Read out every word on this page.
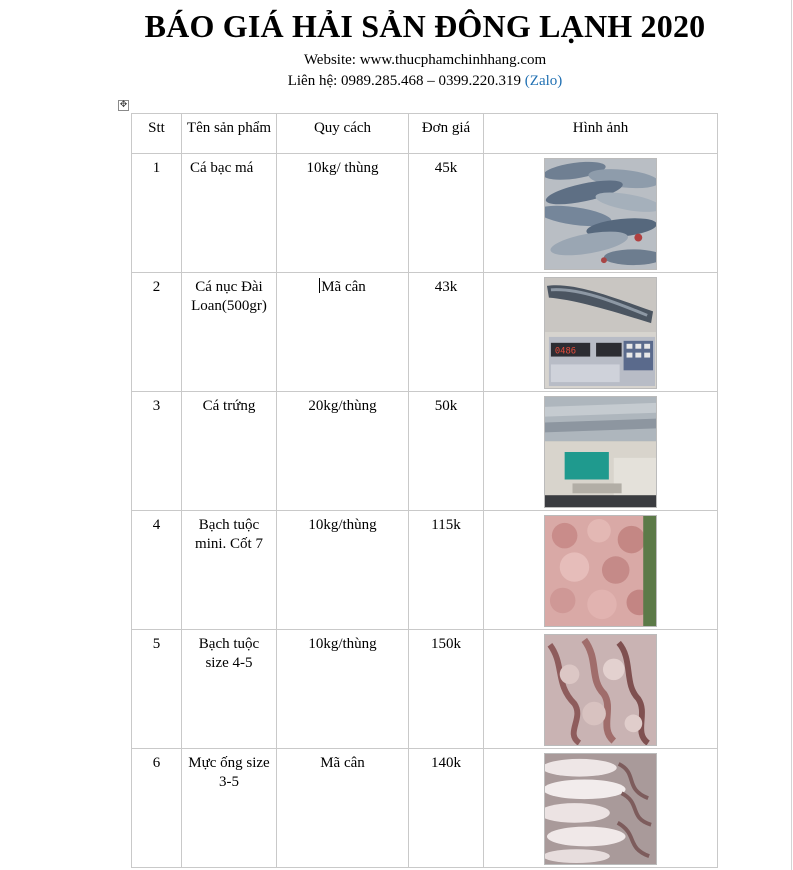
BÁO GIÁ HẢI SẢN ĐÔNG LẠNH 2020
Website: www.thucphamchinhhang.com
Liên hệ: 0989.285.468 – 0399.220.319 (Zalo)
✥
Stt	Tên sản phẩm	Quy cách	Đơn giá	Hình ảnh
1	Cá bạc má	10kg/ thùng	45k	

2	Cá nục Đài Loan(500gr)	Mã cân	43k	0486

3	Cá trứng	20kg/thùng	50k	

4	Bạch tuộc mini. Cốt 7	10kg/thùng	115k	

5	Bạch tuộc size 4-5	10kg/thùng	150k	

6	Mực ống size 3-5	Mã cân	140k	
